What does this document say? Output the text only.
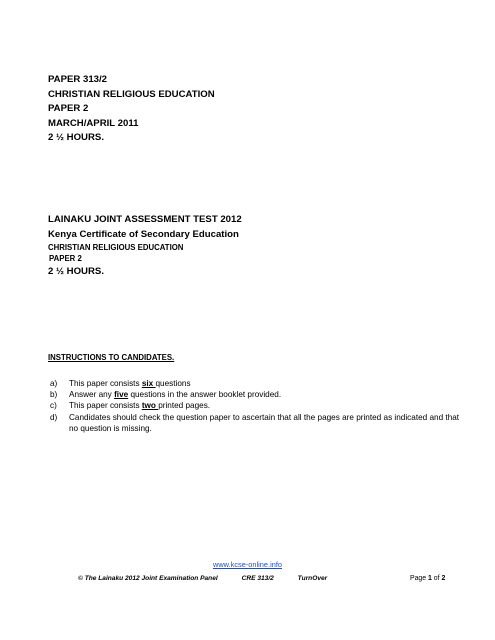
PAPER 313/2
CHRISTIAN RELIGIOUS EDUCATION
PAPER 2
MARCH/APRIL 2011
2 ½ HOURS.
LAINAKU JOINT ASSESSMENT TEST 2012
Kenya Certificate of Secondary Education
CHRISTIAN RELIGIOUS EDUCATION
PAPER 2
2 ½ HOURS.
INSTRUCTIONS TO CANDIDATES.
a) This paper consists six questions
b) Answer any five questions in the answer booklet provided.
c) This paper consists two printed pages.
d) Candidates should check the question paper to ascertain that all the pages are printed as indicated and that no question is missing.
www.kcse-online.info
© The Lainaku 2012 Joint Examination Panel	CRE 313/2	TurnOver	Page 1 of 2
